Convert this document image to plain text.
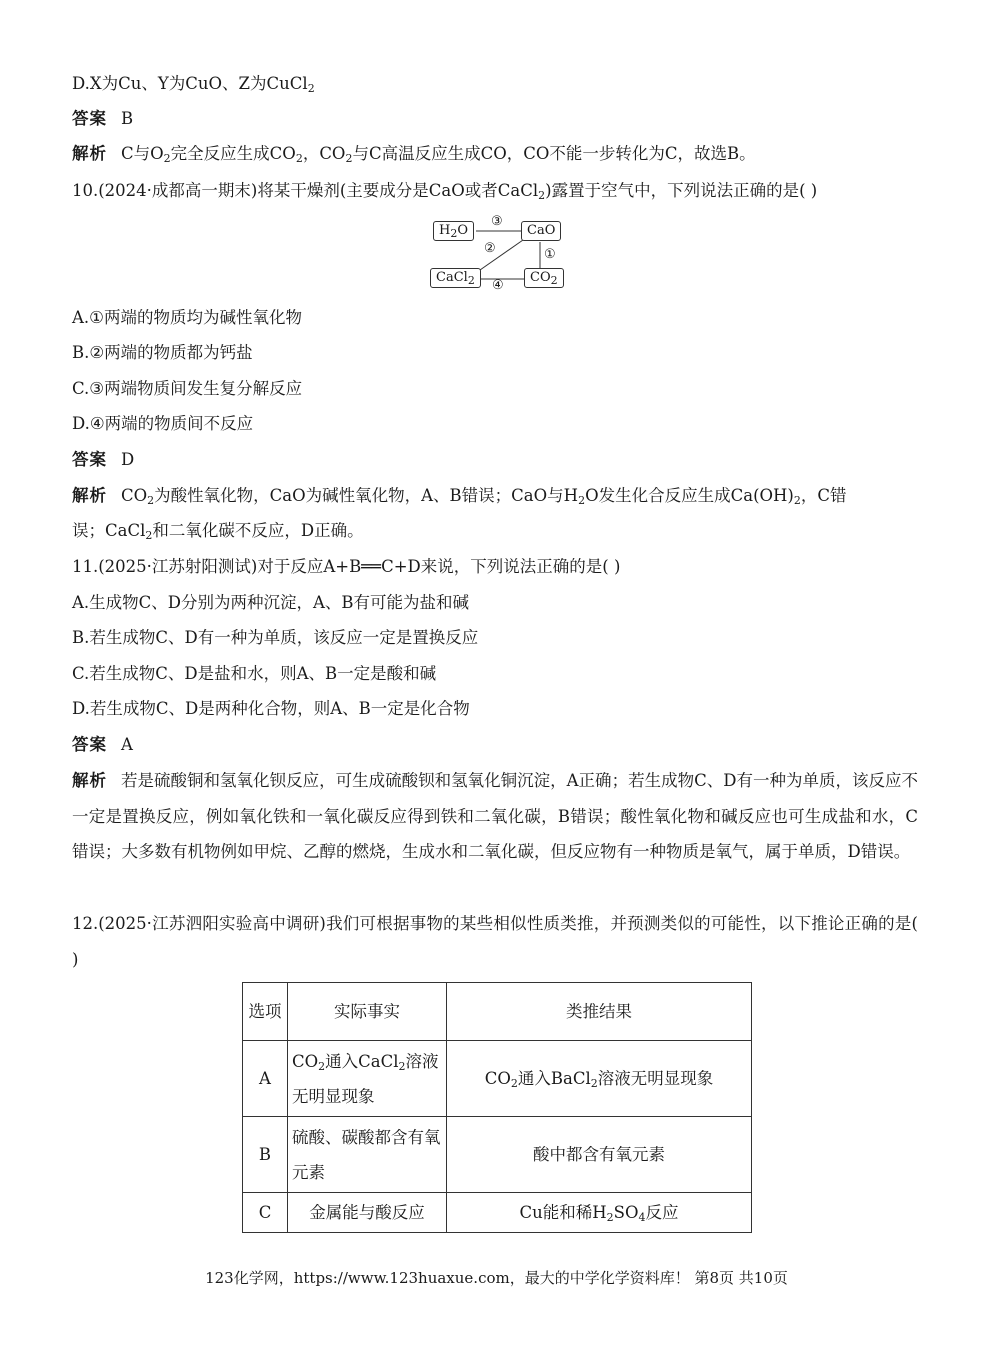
D.X为Cu、Y为CuO、Z为CuCl$_2$
答案 B
解析 C与$O_2$完全反应生成$CO_2$，$CO_2$与C高温反应生成CO，CO不能一步转化为C，故选B。
10.(2024·成都高一期末)将某干燥剂(主要成分是CaO或者CaCl$_2$)露置于空气中，下列说法正确的是( )
$H_2O$	CaO
CaCl$_2$	$CO_2$
③
②	①
④
A.①两端的物质均为碱性氧化物
B.②两端的物质都为钙盐
C.③两端物质间发生复分解反应
D.④两端的物质间不反应
答案 D
解析 $CO_2$为酸性氧化物，CaO为碱性氧化物，A、B错误；CaO与$H_2O$发生化合反应生成$Ca(OH)_2$，C错
误；CaCl$_2$和二氧化碳不反应，D正确。
11.(2025·江苏射阳测试)对于反应A+B══C+D来说，下列说法正确的是( )
A.生成物C、D分别为两种沉淀，A、B有可能为盐和碱
B.若生成物C、D有一种为单质，该反应一定是置换反应
C.若生成物C、D是盐和水，则A、B一定是酸和碱
D.若生成物C、D是两种化合物，则A、B一定是化合物
答案 A
解析 若是硫酸铜和氢氧化钡反应，可生成硫酸钡和氢氧化铜沉淀，A正确；若生成物C、D有一种为单质，该反应不一定是置换反应，例如氧化铁和一氧化碳反应得到铁和二氧化碳，B错误；酸性氧化物和碱反应也可生成盐和水，C错误；大多数有机物例如甲烷、乙醇的燃烧，生成水和二氧化碳，但反应物有一种物质是氧气，属于单质，D错误。
12.(2025·江苏泗阳实验高中调研)我们可根据事物的某些相似性质类推，并预测类似的可能性，以下推论正确的是( )
选项	实际事实	类推结果
A	$CO_2$通入CaCl$_2$溶液无明显现象	$CO_2$通入BaCl$_2$溶液无明显现象
B	硫酸、碳酸都含有氧元素	酸中都含有氧元素
C	金属能与酸反应	Cu能和稀$H_2SO_4$反应
123化学网，https://www.123huaxue.com，最大的中学化学资料库！ 第8页 共10页
